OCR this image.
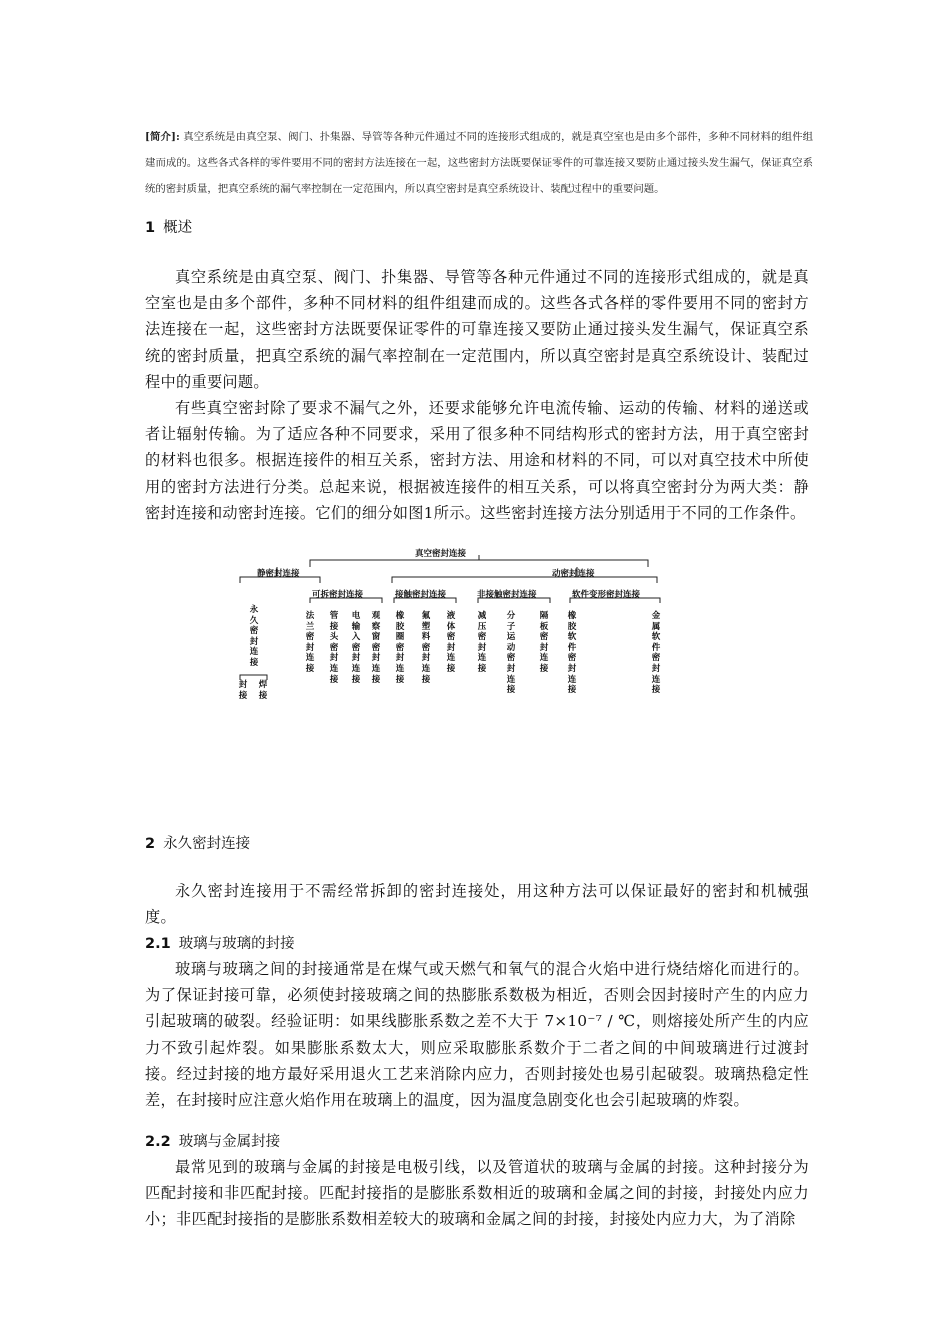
[简介]: 真空系统是由真空泵、阀门、扑集器、导管等各种元件通过不同的连接形式组成的，就是真空室也是由多个部件，多种不同材料的组件组建而成的。这些各式各样的零件要用不同的密封方法连接在一起，这些密封方法既要保证零件的可靠连接又要防止通过接头发生漏气，保证真空系统的密封质量，把真空系统的漏气率控制在一定范围内，所以真空密封是真空系统设计、装配过程中的重要问题。
1 概述
真空系统是由真空泵、阀门、扑集器、导管等各种元件通过不同的连接形式组成的，就是真空室也是由多个部件，多种不同材料的组件组建而成的。这些各式各样的零件要用不同的密封方法连接在一起，这些密封方法既要保证零件的可靠连接又要防止通过接头发生漏气，保证真空系统的密封质量，把真空系统的漏气率控制在一定范围内，所以真空密封是真空系统设计、装配过程中的重要问题。
有些真空密封除了要求不漏气之外，还要求能够允许电流传输、运动的传输、材料的递送或者让辐射传输。为了适应各种不同要求，采用了很多种不同结构形式的密封方法，用于真空密封的材料也很多。根据连接件的相互关系，密封方法、用途和材料的不同，可以对真空技术中所使用的密封方法进行分类。总起来说，根据被连接件的相互关系，可以将真空密封分为两大类：静密封连接和动密封连接。它们的细分如图1所示。这些密封连接方法分别适用于不同的工作条件。
真空密封连接
静密封连接	动密封连接
可拆密封连接	接触密封连接	非接触密封连接	软件变形密封连接
永久密封连接
封接
焊接
法兰密封连接
管接头密封连接
电输入密封连接
观察窗密封连接
橡胶圈密封连接
氟塑料密封连接
液体密封连接
减压密封连接
分子运动密封连接
隔板密封连接
橡胶软件密封连接
金属软件密封连接
2 永久密封连接
永久密封连接用于不需经常拆卸的密封连接处，用这种方法可以保证最好的密封和机械强度。
2.1 玻璃与玻璃的封接
玻璃与玻璃之间的封接通常是在煤气或天燃气和氧气的混合火焰中进行烧结熔化而进行的。为了保证封接可靠，必须使封接玻璃之间的热膨胀系数极为相近，否则会因封接时产生的内应力引起玻璃的破裂。经验证明：如果线膨胀系数之差不大于 7×10⁻⁷ / ℃，则熔接处所产生的内应力不致引起炸裂。如果膨胀系数太大，则应采取膨胀系数介于二者之间的中间玻璃进行过渡封接。经过封接的地方最好采用退火工艺来消除内应力，否则封接处也易引起破裂。玻璃热稳定性差，在封接时应注意火焰作用在玻璃上的温度，因为温度急剧变化也会引起玻璃的炸裂。
2.2 玻璃与金属封接
最常见到的玻璃与金属的封接是电极引线，以及管道状的玻璃与金属的封接。这种封接分为匹配封接和非匹配封接。匹配封接指的是膨胀系数相近的玻璃和金属之间的封接，封接处内应力小；非匹配封接指的是膨胀系数相差较大的玻璃和金属之间的封接，封接处内应力大，为了消除
